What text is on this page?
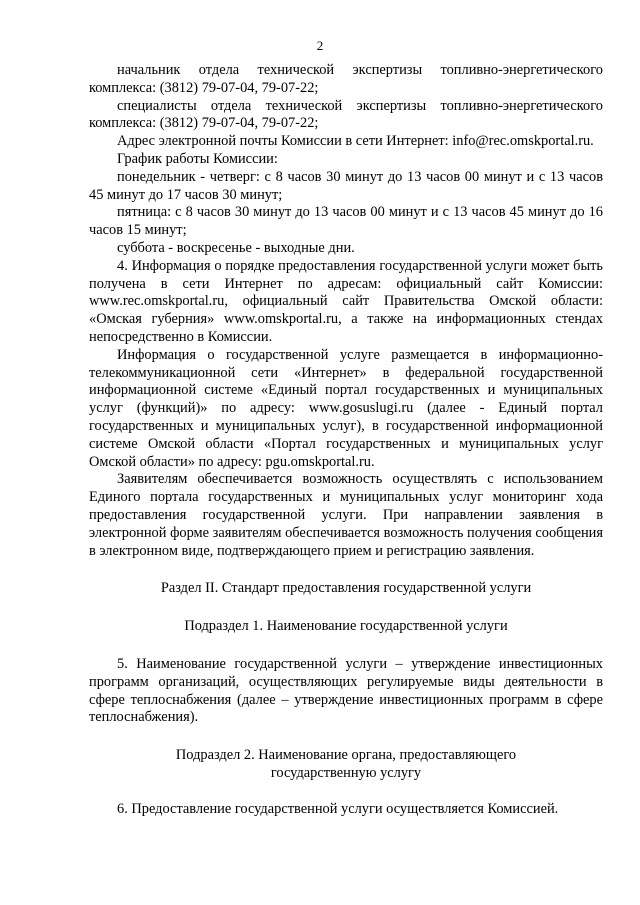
2

начальник отдела технической экспертизы топливно-энергетического комплекса: (3812) 79-07-04, 79-07-22;

специалисты отдела технической экспертизы топливно-энергетического комплекса: (3812) 79-07-04, 79-07-22;

Адрес электронной почты Комиссии в сети Интернет: info@rec.omskportal.ru.

График работы Комиссии:

понедельник - четверг: с 8 часов 30 минут до 13 часов 00 минут и с 13 часов 45 минут до 17 часов 30 минут;

пятница: с 8 часов 30 минут до 13 часов 00 минут и с 13 часов 45 минут до 16 часов 15 минут;

суббота - воскресенье - выходные дни.

4. Информация о порядке предоставления государственной услуги может быть получена в сети Интернет по адресам: официальный сайт Комиссии: www.rec.omskportal.ru, официальный сайт Правительства Омской области: «Омская губерния» www.omskportal.ru, а также на информационных стендах непосредственно в Комиссии.

Информация о государственной услуге размещается в информационно-телекоммуникационной сети «Интернет» в федеральной государственной информационной системе «Единый портал государственных и муниципальных услуг (функций)» по адресу: www.gosuslugi.ru (далее - Единый портал государственных и муниципальных услуг), в государственной информационной системе Омской области «Портал государственных и муниципальных услуг Омской области» по адресу: pgu.omskportal.ru.

Заявителям обеспечивается возможность осуществлять с использованием Единого портала государственных и муниципальных услуг мониторинг хода предоставления государственной услуги. При направлении заявления в электронной форме заявителям обеспечивается возможность получения сообщения в электронном виде, подтверждающего прием и регистрацию заявления.

Раздел II. Стандарт предоставления государственной услуги
Подраздел 1. Наименование государственной услуги

5. Наименование государственной услуги – утверждение инвестиционных программ организаций, осуществляющих регулируемые виды деятельности в сфере теплоснабжения (далее – утверждение инвестиционных программ в сфере теплоснабжения).

Подраздел 2. Наименование органа, предоставляющего
государственную услугу

6. Предоставление государственной услуги осуществляется Комиссией.
